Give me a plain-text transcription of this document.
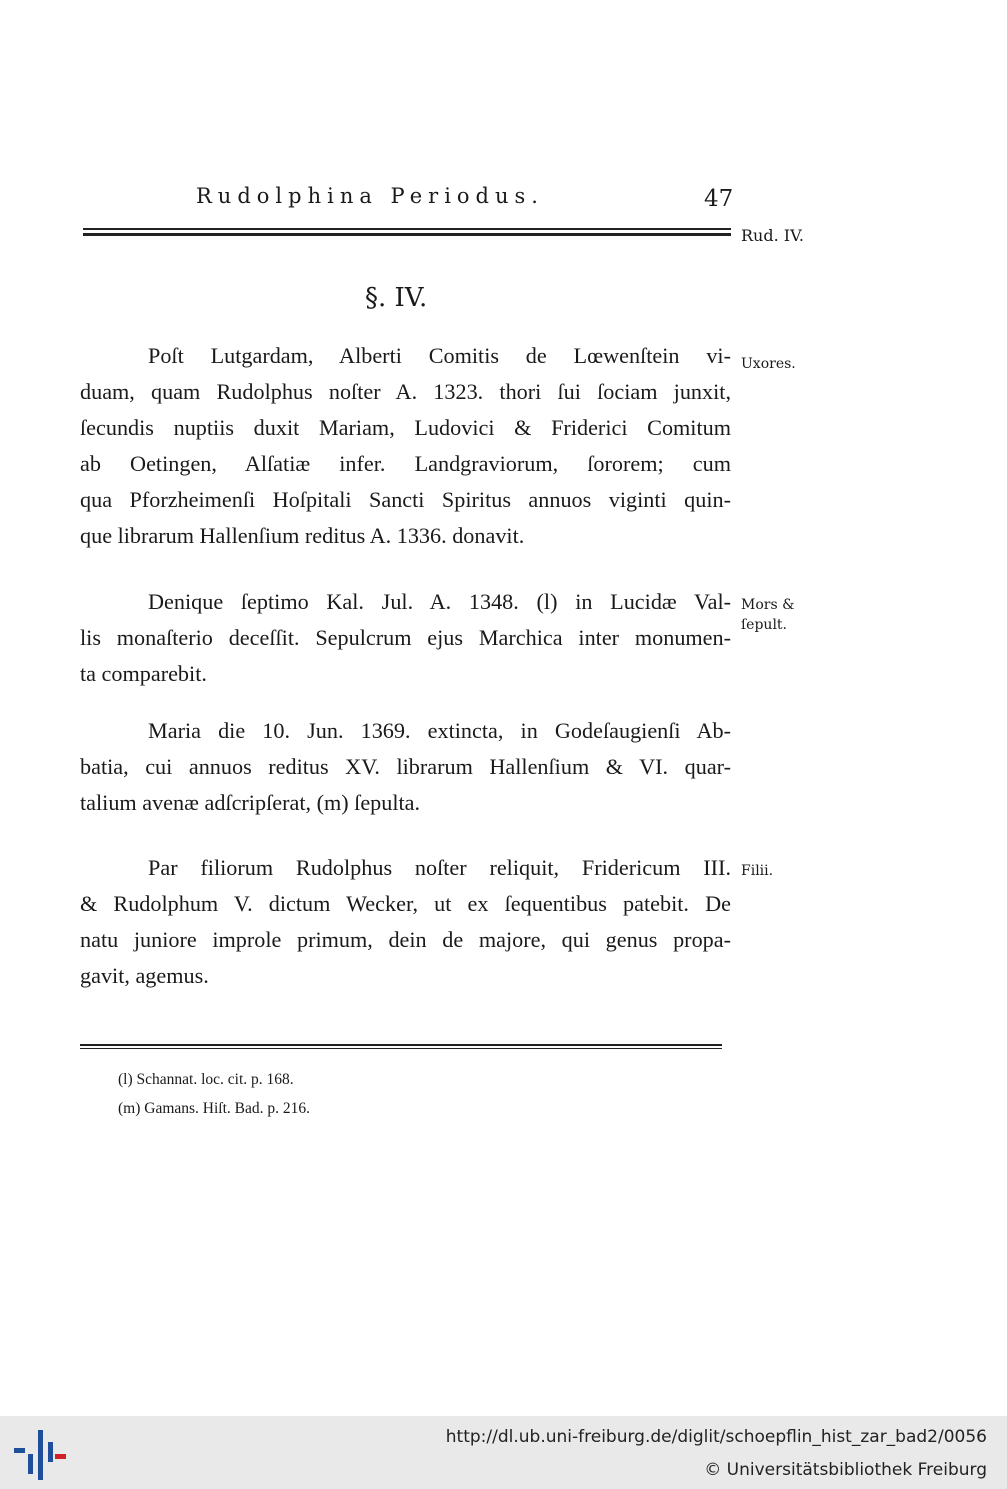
Rudolphina Periodus.	47
Rud. IV.
§. IV.
Poſt Lutgardam, Alberti Comitis de Lœwenſtein vi-
duam, quam Rudolphus noſter A. 1323. thori ſui ſociam junxit,
ſecundis nuptiis duxit Mariam, Ludovici & Friderici Comitum
ab Oetingen, Alſatiæ infer. Landgraviorum, ſororem; cum
qua Pforzheimenſi Hoſpitali Sancti Spiritus annuos viginti quin-
que librarum Hallenſium reditus A. 1336. donavit.
Uxores.
Denique ſeptimo Kal. Jul. A. 1348. (l) in Lucidæ Val-
lis monaſterio deceſſit. Sepulcrum ejus Marchica inter monumen-
ta comparebit.
Mors &
ſepult.
Maria die 10. Jun. 1369. extincta, in Godeſaugienſi Ab-
batia, cui annuos reditus XV. librarum Hallenſium & VI. quar-
talium avenæ adſcripſerat, (m) ſepulta.
Par filiorum Rudolphus noſter reliquit, Fridericum III.
& Rudolphum V. dictum Wecker, ut ex ſequentibus patebit. De
natu juniore improle primum, dein de majore, qui genus propa-
gavit, agemus.
Filii.
(l) Schannat. loc. cit. p. 168.
(m) Gamans. Hiſt. Bad. p. 216.
http://dl.ub.uni-freiburg.de/diglit/schoepflin_hist_zar_bad2/0056
© Universitätsbibliothek Freiburg
